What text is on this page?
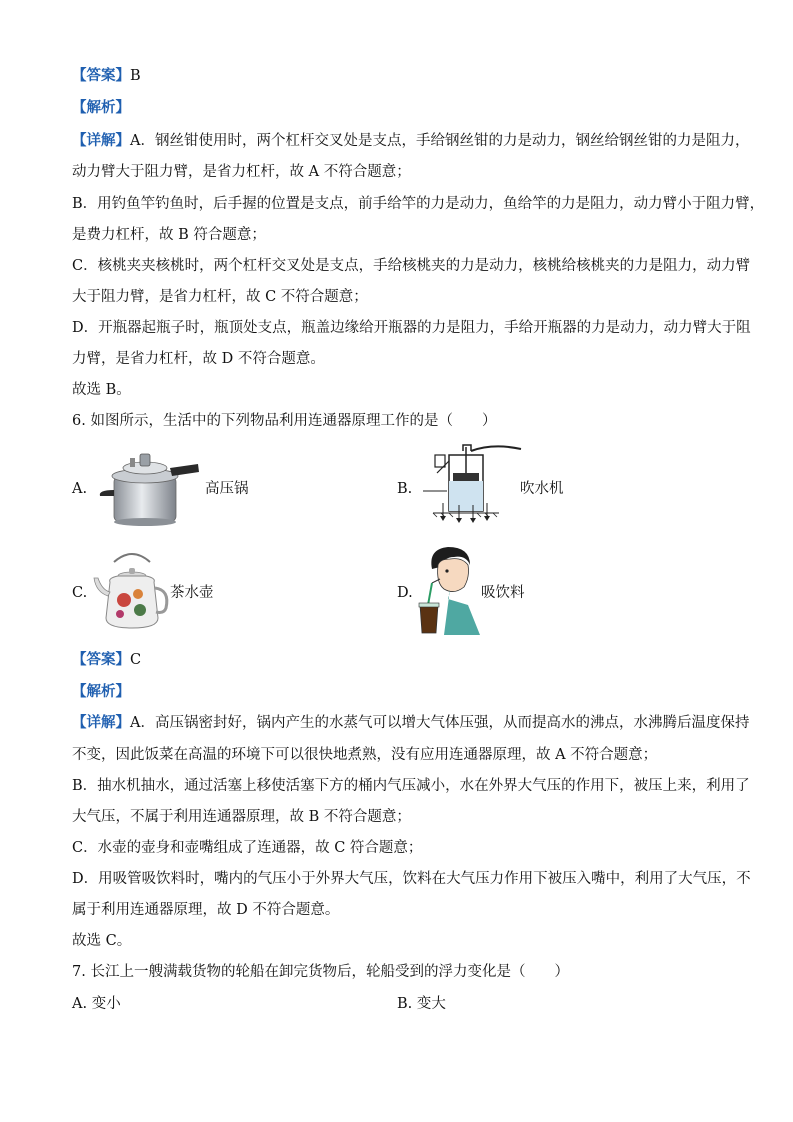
【答案】B
【解析】
【详解】A．钢丝钳使用时，两个杠杆交叉处是支点，手给钢丝钳的力是动力，钢丝给钢丝钳的力是阻力，
动力臂大于阻力臂，是省力杠杆，故 A 不符合题意；
B．用钓鱼竿钓鱼时，后手握的位置是支点，前手给竿的力是动力，鱼给竿的力是阻力，动力臂小于阻力臂，
是费力杠杆，故 B 符合题意；
C．核桃夹夹核桃时，两个杠杆交叉处是支点，手给核桃夹的力是动力，核桃给核桃夹的力是阻力，动力臂
大于阻力臂，是省力杠杆，故 C 不符合题意；
D．开瓶器起瓶子时，瓶顶处支点，瓶盖边缘给开瓶器的力是阻力，手给开瓶器的力是动力，动力臂大于阻
力臂，是省力杠杆，故 D 不符合题意。
故选 B。
6. 如图所示，生活中的下列物品利用连通器原理工作的是（　　）
A.	高压锅	B.	吹水机
C.	茶水壶	D.	吸饮料
【答案】C
【解析】
【详解】A．高压锅密封好，锅内产生的水蒸气可以增大气体压强，从而提高水的沸点，水沸腾后温度保持
不变，因此饭菜在高温的环境下可以很快地煮熟，没有应用连通器原理，故 A 不符合题意；
B．抽水机抽水，通过活塞上移使活塞下方的桶内气压减小，水在外界大气压的作用下，被压上来，利用了
大气压，不属于利用连通器原理，故 B 不符合题意；
C．水壶的壶身和壶嘴组成了连通器，故 C 符合题意；
D．用吸管吸饮料时，嘴内的气压小于外界大气压，饮料在大气压力作用下被压入嘴中，利用了大气压，不
属于利用连通器原理，故 D 不符合题意。
故选 C。
7. 长江上一艘满载货物的轮船在卸完货物后，轮船受到的浮力变化是（　　）
A. 变小	B. 变大
